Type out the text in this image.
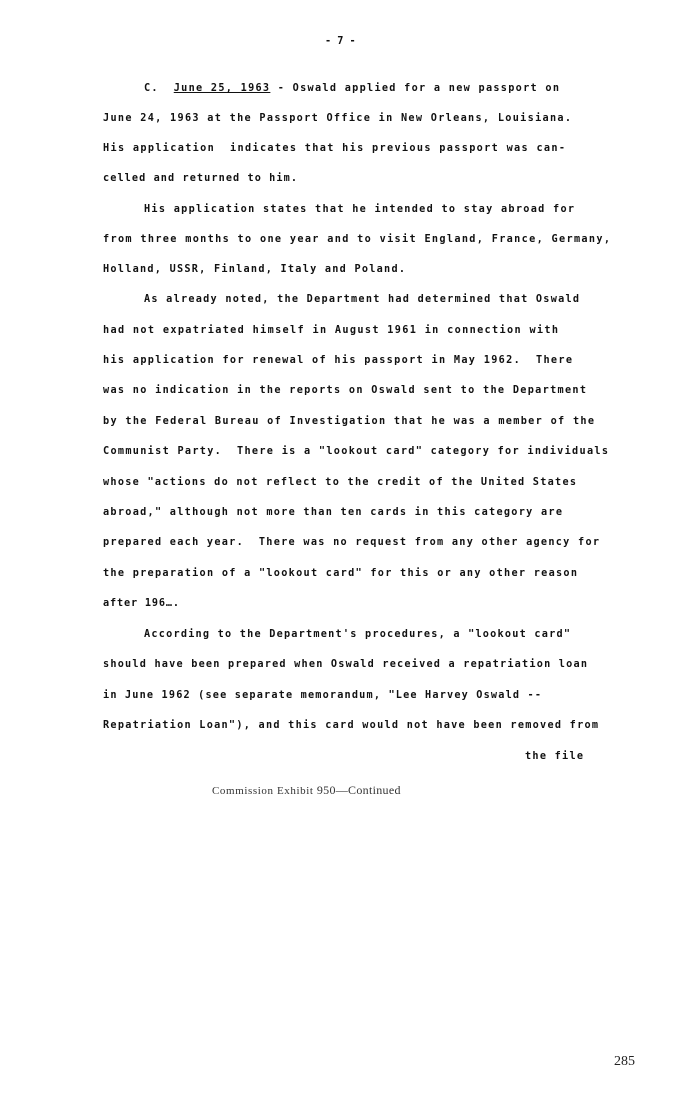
- 7 -
C.  June 25, 1963 - Oswald applied for a new passport on
June 24, 1963 at the Passport Office in New Orleans, Louisiana.
His application  indicates that his previous passport was can-
celled and returned to him.
His application states that he intended to stay abroad for
from three months to one year and to visit England, France, Germany,
Holland, USSR, Finland, Italy and Poland.
As already noted, the Department had determined that Oswald
had not expatriated himself in August 1961 in connection with
his application for renewal of his passport in May 1962.  There
was no indication in the reports on Oswald sent to the Department
by the Federal Bureau of Investigation that he was a member of the
Communist Party.  There is a "lookout card" category for individuals
whose "actions do not reflect to the credit of the United States
abroad," although not more than ten cards in this category are
prepared each year.  There was no request from any other agency for
the preparation of a "lookout card" for this or any other reason
after 196….
According to the Department's procedures, a "lookout card"
should have been prepared when Oswald received a repatriation loan
in June 1962 (see separate memorandum, "Lee Harvey Oswald --
Repatriation Loan"), and this card would not have been removed from
the file
Commission Exhibit 950—Continued
285
